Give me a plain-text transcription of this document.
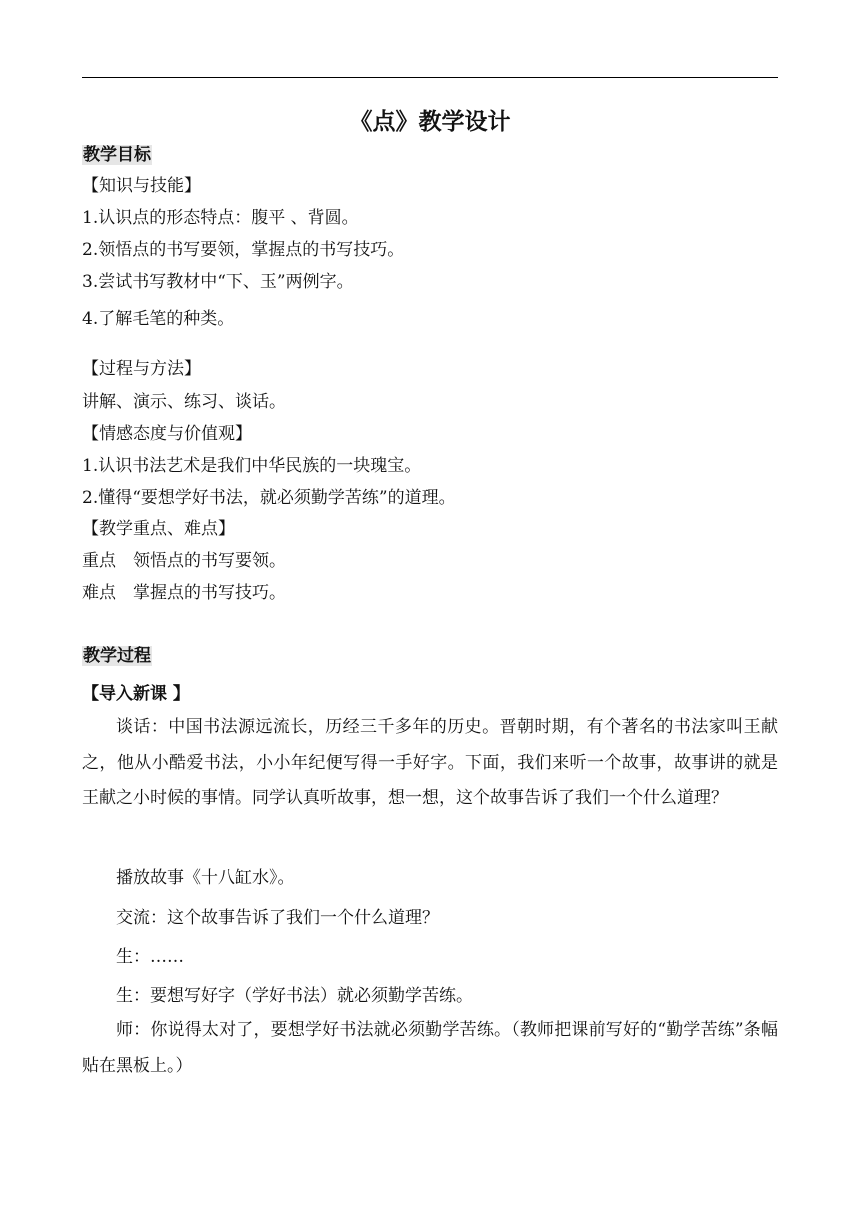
《点》教学设计
教学目标
【知识与技能】
1.认识点的形态特点：腹平 、背圆。
2.领悟点的书写要领，掌握点的书写技巧。
3.尝试书写教材中“下、玉”两例字。
4.了解毛笔的种类。
【过程与方法】
讲解、演示、练习、谈话。
【情感态度与价值观】
1.认识书法艺术是我们中华民族的一块瑰宝。
2.懂得“要想学好书法，就必须勤学苦练”的道理。
【教学重点、难点】
重点 领悟点的书写要领。
难点 掌握点的书写技巧。
教学过程
【导入新课 】
谈话：中国书法源远流长，历经三千多年的历史。晋朝时期，有个著名的书法家叫王献之，他从小酷爱书法，小小年纪便写得一手好字。下面，我们来听一个故事，故事讲的就是王献之小时候的事情。同学认真听故事，想一想，这个故事告诉了我们一个什么道理？
播放故事《十八缸水》。
交流：这个故事告诉了我们一个什么道理？
生：……
生：要想写好字（学好书法）就必须勤学苦练。
师：你说得太对了，要想学好书法就必须勤学苦练。（教师把课前写好的“勤学苦练”条幅贴在黑板上。）
